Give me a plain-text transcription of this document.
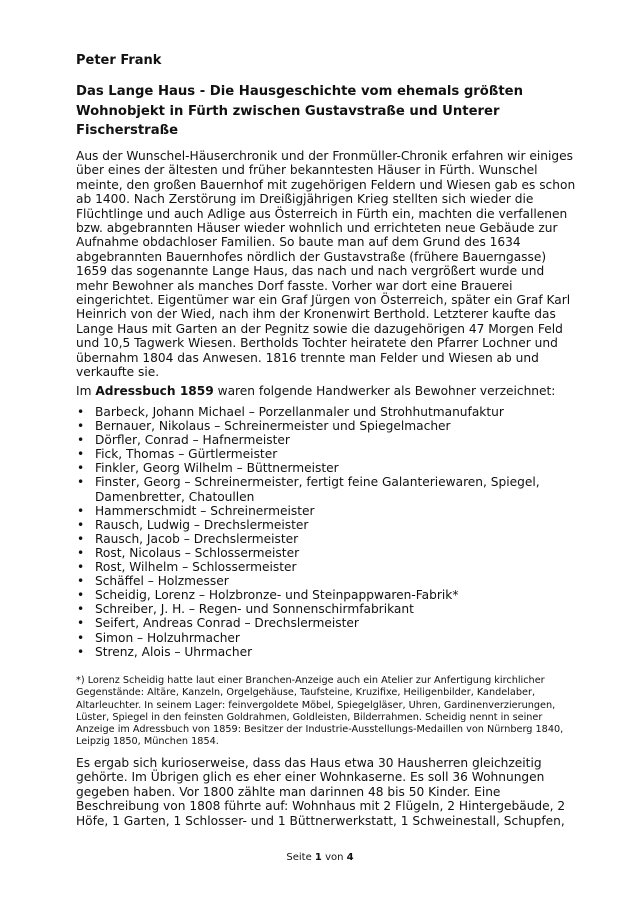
Peter Frank
Das Lange Haus - Die Hausgeschichte vom ehemals größten Wohnobjekt in Fürth zwischen Gustavstraße und Unterer Fischerstraße
Aus der Wunschel-Häuserchronik und der Fronmüller-Chronik erfahren wir einiges über eines der ältesten und früher bekanntesten Häuser in Fürth. Wunschel meinte, den großen Bauernhof mit zugehörigen Feldern und Wiesen gab es schon ab 1400. Nach Zerstörung im Dreißigjährigen Krieg stellten sich wieder die Flüchtlinge und auch Adlige aus Österreich in Fürth ein, machten die verfallenen bzw. abgebrannten Häuser wieder wohnlich und errichteten neue Gebäude zur Aufnahme obdachloser Familien. So baute man auf dem Grund des 1634 abgebrannten Bauernhofes nördlich der Gustavstraße (frühere Bauerngasse) 1659 das sogenannte Lange Haus, das nach und nach vergrößert wurde und mehr Bewohner als manches Dorf fasste. Vorher war dort eine Brauerei eingerichtet. Eigentümer war ein Graf Jürgen von Österreich, später ein Graf Karl Heinrich von der Wied, nach ihm der Kronenwirt Berthold. Letzterer kaufte das Lange Haus mit Garten an der Pegnitz sowie die dazugehörigen 47 Morgen Feld und 10,5 Tagwerk Wiesen. Bertholds Tochter heiratete den Pfarrer Lochner und übernahm 1804 das Anwesen. 1816 trennte man Felder und Wiesen ab und verkaufte sie.
Im Adressbuch 1859 waren folgende Handwerker als Bewohner verzeichnet:
• Barbeck, Johann Michael – Porzellanmaler und Strohhutmanufaktur
• Bernauer, Nikolaus – Schreinermeister und Spiegelmacher
• Dörfler, Conrad – Hafnermeister
• Fick, Thomas – Gürtlermeister
• Finkler, Georg Wilhelm – Büttnermeister
• Finster, Georg – Schreinermeister, fertigt feine Galanteriewaren, Spiegel, Damenbretter, Chatoullen
• Hammerschmidt – Schreinermeister
• Rausch, Ludwig – Drechslermeister
• Rausch, Jacob – Drechslermeister
• Rost, Nicolaus – Schlossermeister
• Rost, Wilhelm – Schlossermeister
• Schäffel – Holzmesser
• Scheidig, Lorenz – Holzbronze- und Steinpappwaren-Fabrik*
• Schreiber, J. H. – Regen- und Sonnenschirmfabrikant
• Seifert, Andreas Conrad – Drechslermeister
• Simon – Holzuhrmacher
• Strenz, Alois – Uhrmacher
*) Lorenz Scheidig hatte laut einer Branchen-Anzeige auch ein Atelier zur Anfertigung kirchlicher Gegenstände: Altäre, Kanzeln, Orgelgehäuse, Taufsteine, Kruzifixe, Heiligenbilder, Kandelaber, Altarleuchter. In seinem Lager: feinvergoldete Möbel, Spiegelgläser, Uhren, Gardinenverzierungen, Lüster, Spiegel in den feinsten Goldrahmen, Goldleisten, Bilderrahmen. Scheidig nennt in seiner Anzeige im Adressbuch von 1859: Besitzer der Industrie-Ausstellungs-Medaillen von Nürnberg 1840, Leipzig 1850, München 1854.
Es ergab sich kurioserweise, dass das Haus etwa 30 Hausherren gleichzeitig gehörte. Im Übrigen glich es eher einer Wohnkaserne. Es soll 36 Wohnungen gegeben haben. Vor 1800 zählte man darinnen 48 bis 50 Kinder. Eine Beschreibung von 1808 führte auf: Wohnhaus mit 2 Flügeln, 2 Hintergebäude, 2 Höfe, 1 Garten, 1 Schlosser- und 1 Büttnerwerkstatt, 1 Schweinestall, Schupfen,
Seite 1 von 4
